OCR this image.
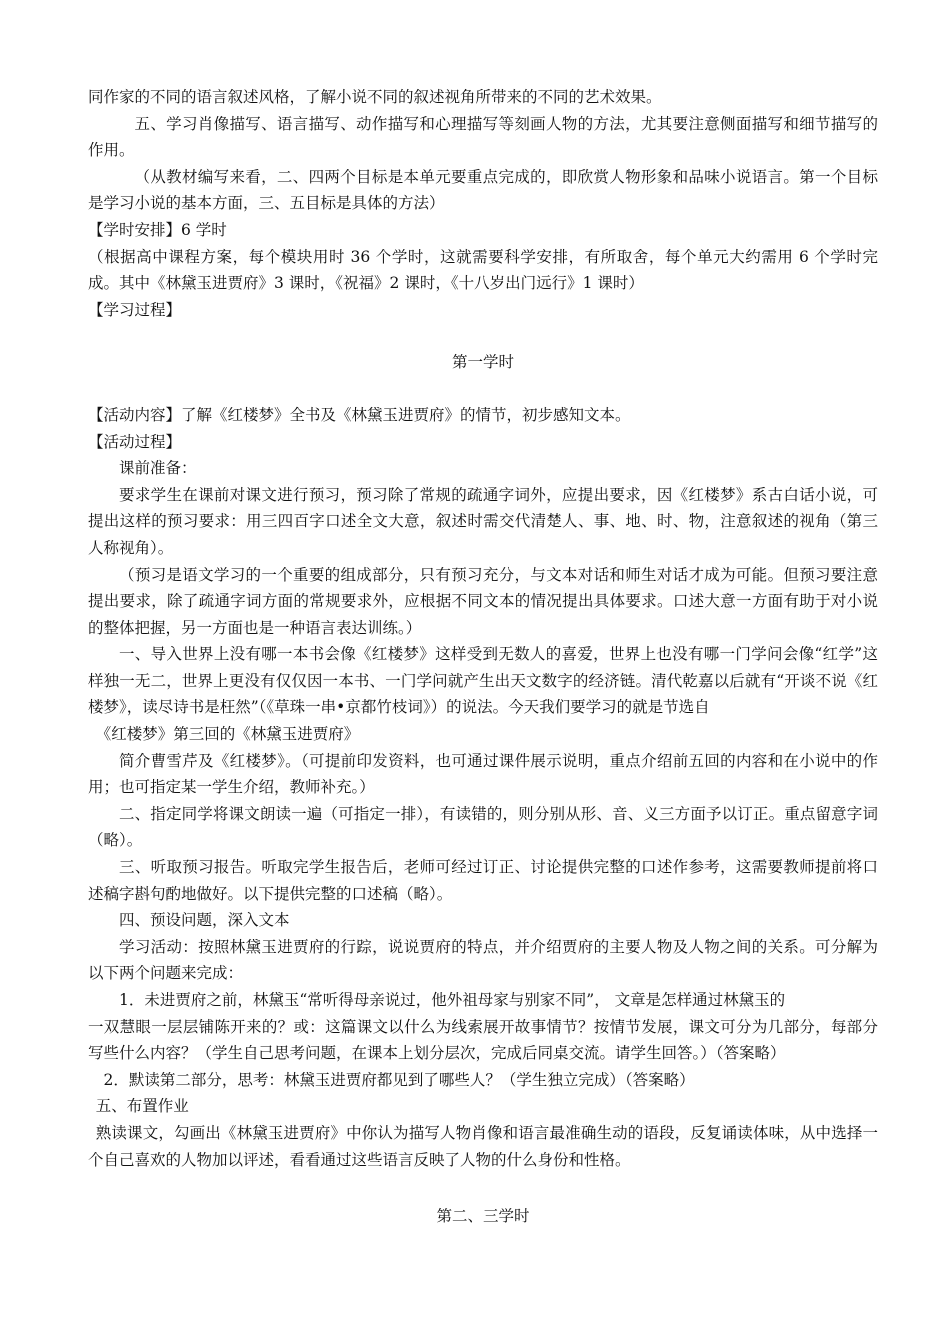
同作家的不同的语言叙述风格，了解小说不同的叙述视角所带来的不同的艺术效果。

五、学习肖像描写、语言描写、动作描写和心理描写等刻画人物的方法，尤其要注意侧面描写和细节描写的作用。

（从教材编写来看，二、四两个目标是本单元要重点完成的，即欣赏人物形象和品味小说语言。第一个目标是学习小说的基本方面，三、五目标是具体的方法）

【学时安排】6 学时

（根据高中课程方案，每个模块用时 36 个学时，这就需要科学安排，有所取舍，每个单元大约需用 6 个学时完成。其中《林黛玉进贾府》3 课时，《祝福》2 课时，《十八岁出门远行》1 课时）

【学习过程】

第一学时

【活动内容】了解《红楼梦》全书及《林黛玉进贾府》的情节，初步感知文本。

【活动过程】

课前准备：

要求学生在课前对课文进行预习，预习除了常规的疏通字词外，应提出要求，因《红楼梦》系古白话小说，可提出这样的预习要求：用三四百字口述全文大意，叙述时需交代清楚人、事、地、时、物，注意叙述的视角（第三人称视角）。

（预习是语文学习的一个重要的组成部分，只有预习充分，与文本对话和师生对话才成为可能。但预习要注意提出要求，除了疏通字词方面的常规要求外，应根据不同文本的情况提出具体要求。口述大意一方面有助于对小说的整体把握，另一方面也是一种语言表达训练。）

一、导入世界上没有哪一本书会像《红楼梦》这样受到无数人的喜爱，世界上也没有哪一门学问会像“红学”这样独一无二，世界上更没有仅仅因一本书、一门学问就产生出天文数字的经济链。清代乾嘉以后就有“开谈不说《红楼梦》，读尽诗书是枉然”（《草珠一串•京都竹枝词》）的说法。今天我们要学习的就是节选自

《红楼梦》第三回的《林黛玉进贾府》

简介曹雪芹及《红楼梦》。（可提前印发资料，也可通过课件展示说明，重点介绍前五回的内容和在小说中的作用；也可指定某一学生介绍，教师补充。）

二、指定同学将课文朗读一遍（可指定一排），有读错的，则分别从形、音、义三方面予以订正。重点留意字词（略）。

三、听取预习报告。听取完学生报告后，老师可经过订正、讨论提供完整的口述作参考，这需要教师提前将口述稿字斟句酌地做好。以下提供完整的口述稿（略）。

四、预设问题，深入文本

学习活动：按照林黛玉进贾府的行踪，说说贾府的特点，并介绍贾府的主要人物及人物之间的关系。可分解为以下两个问题来完成：

1．未进贾府之前，林黛玉“常听得母亲说过，他外祖母家与别家不同”， 文章是怎样通过林黛玉的

一双慧眼一层层铺陈开来的？或：这篇课文以什么为线索展开故事情节？按情节发展，课文可分为几部分，每部分写些什么内容？（学生自己思考问题，在课本上划分层次，完成后同桌交流。请学生回答。）（答案略）

2．默读第二部分，思考：林黛玉进贾府都见到了哪些人？（学生独立完成）（答案略）

五、布置作业

熟读课文，勾画出《林黛玉进贾府》中你认为描写人物肖像和语言最准确生动的语段，反复诵读体味，从中选择一个自己喜欢的人物加以评述，看看通过这些语言反映了人物的什么身份和性格。

第二、三学时
